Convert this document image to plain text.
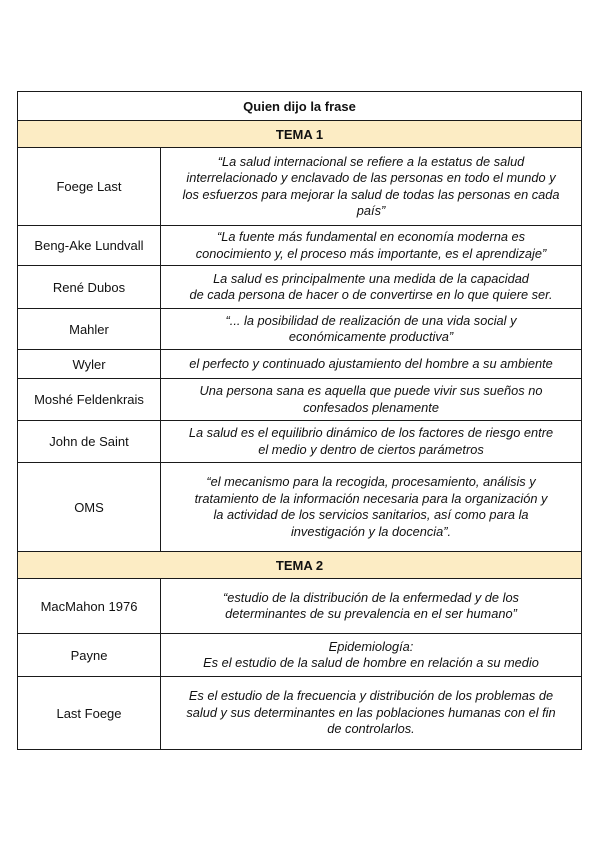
Quien dijo la frase	
TEMA 1	
Foege Last	“La salud internacional se refiere a la estatus de salud
interrelacionado y enclavado de las personas en todo el mundo y
los esfuerzos para mejorar la salud de todas las personas en cada
país”

Beng-Ake Lundvall	“La fuente más fundamental en economía moderna es
conocimiento y, el proceso más importante, es el aprendizaje”

René Dubos	La salud es principalmente una medida de la capacidad
de cada persona de hacer o de convertirse en lo que quiere ser.

Mahler	“... la posibilidad de realización de una vida social y
económicamente productiva”

Wyler	el perfecto y continuado ajustamiento del hombre a su ambiente

Moshé Feldenkrais	Una persona sana es aquella que puede vivir sus sueños no
confesados plenamente

John de Saint	La salud es el equilibrio dinámico de los factores de riesgo entre
el medio y dentro de ciertos parámetros

OMS	“el mecanismo para la recogida, procesamiento, análisis y
tratamiento de la información necesaria para la organización y
la actividad de los servicios sanitarios, así como para la
investigación y la docencia”.

TEMA 2	
MacMahon 1976	“estudio de la distribución de la enfermedad y de los
determinantes de su prevalencia en el ser humano”

Payne	Epidemiología:
Es el estudio de la salud de hombre en relación a su medio

Last Foege	Es el estudio de la frecuencia y distribución de los problemas de
salud y sus determinantes en las poblaciones humanas con el fin
de controlarlos.
